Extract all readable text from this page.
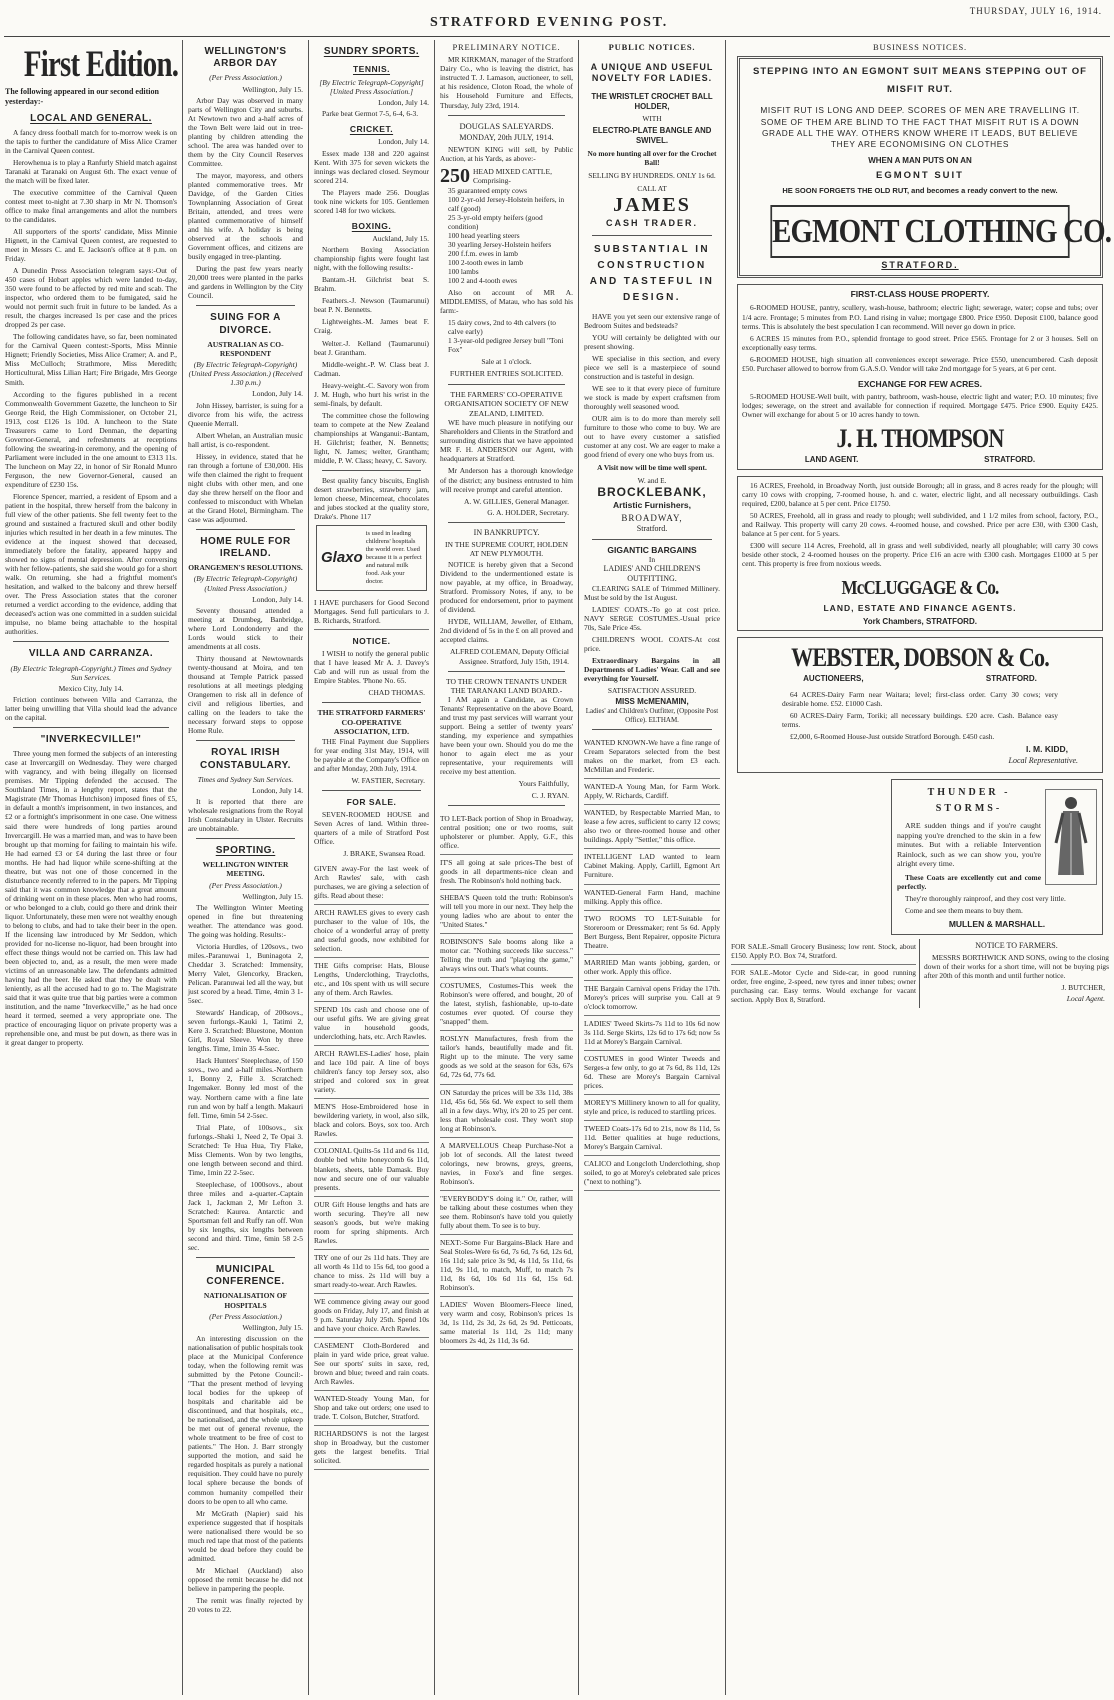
STRATFORD EVENING POST.
THURSDAY, JULY 16, 1914.
First Edition.
The following appeared in our second edition yesterday:-
LOCAL AND GENERAL.

A fancy dress football match for to-morrow week is on the tapis to further the candidature of Miss Alice Cramer in the Carnival Queen contest.

Herowhenua is to play a Ranfurly Shield match against Taranaki at Taranaki on August 6th. The exact venue of the match will be fixed later.

The executive committee of the Carnival Queen contest meet to-night at 7.30 sharp in Mr N. Thomson's office to make final arrangements and allot the numbers to the candidates.

All supporters of the sports' candidate, Miss Minnie Hignett, in the Carnival Queen contest, are requested to meet in Messrs C. and E. Jackson's office at 8 p.m. on Friday.

A Dunedin Press Association telegram says:-Out of 450 cases of Hobart apples which were landed to-day, 350 were found to be affected by red mite and scab. The inspector, who ordered them to be fumigated, said he would not permit such fruit in future to be landed. As a result, the charges increased 1s per case and the prices dropped 2s per case.

The following candidates have, so far, been nominated for the Carnival Queen contest:-Sports, Miss Minnie Hignett; Friendly Societies, Miss Alice Cramer; A. and P., Miss McCulloch; Strathmore, Miss Meredith; Horticultural, Miss Lilian Hart; Fire Brigade, Mrs George Smith.

According to the figures published in a recent Commonwealth Government Gazette, the luncheon to Sir George Reid, the High Commissioner, on October 21, 1913, cost £126 1s 10d. A luncheon to the State Treasurers came to Lord Denman, the departing Governor-General, and refreshments at receptions following the swearing-in ceremony, and the opening of Parliament were included in the one amount to £313 11s. The luncheon on May 22, in honor of Sir Ronald Munro Ferguson, the new Governor-General, caused an expenditure of £230 15s.

Florence Spencer, married, a resident of Epsom and a patient in the hospital, threw herself from the balcony in full view of the other patients. She fell twenty feet to the ground and sustained a fractured skull and other bodily injuries which resulted in her death in a few minutes. The evidence at the inquest showed that deceased, immediately before the fatality, appeared happy and showed no signs of mental depression. After conversing with her fellow-patients, she said she would go for a short walk. On returning, she had a frightful moment's hesitation, and walked to the balcony and threw herself over. The Press Association states that the coroner returned a verdict according to the evidence, adding that deceased's action was one committed in a sudden suicidal impulse, no blame being attachable to the hospital authorities.

VILLA AND CARRANZA.
(By Electric Telegraph-Copyright.) Times and Sydney Sun Services.
Mexico City, July 14.

Friction continues between Villa and Carranza, the latter being unwilling that Villa should lead the advance on the capital.

"INVERKECVILLE!"

Three young men formed the subjects of an interesting case at Invercargill on Wednesday. They were charged with vagrancy, and with being illegally on licensed premises. Mr Tipping defended the accused. The Southland Times, in a lengthy report, states that the Magistrate (Mr Thomas Hutchison) imposed fines of £5, in default a month's imprisonment, in two instances, and £2 or a fortnight's imprisonment in one case. One witness said there were hundreds of long parties around Invercargill. He was a married man, and was to have been brought up that morning for failing to maintain his wife. He had earned £3 or £4 during the last three or four months. He had had liquor while scene-shifting at the theatre, but was not one of those concerned in the disturbance recently referred to in the papers. Mr Tipping said that it was common knowledge that a great amount of drinking went on in these places. Men who had rooms, or who belonged to a club, could go there and drink their liquor. Unfortunately, these men were not wealthy enough to belong to clubs, and had to take their beer in the open. If the licensing law introduced by Mr Seddon, which provided for no-license no-liquor, had been brought into effect these things would not be carried on. This law had been objected to, and, as a result, the men were made victims of an unreasonable law. The defendants admitted having had the beer. He asked that they be dealt with leniently, as all the accused had to go to. The Magistrate said that it was quite true that big parties were a common institution, and the name "Inverkecville," as he had once heard it termed, seemed a very appropriate one. The practice of encouraging liquor on private property was a reprehensible one, and must be put down, as there was in it great danger to property.

WELLINGTON'S ARBOR DAY
(Per Press Association.)
Wellington, July 15.

Arbor Day was observed in many parts of Wellington City and suburbs. At Newtown two and a-half acres of the Town Belt were laid out in tree-planting by children attending the school. The area was handed over to them by the City Council Reserves Committee.

The mayor, mayoress, and others planted commemorative trees. Mr Davidge, of the Garden Cities Townplanning Association of Great Britain, attended, and trees were planted commemorative of himself and his wife. A holiday is being observed at the schools and Government offices, and citizens are busily engaged in tree-planting.

During the past few years nearly 20,000 trees were planted in the parks and gardens in Wellington by the City Council.

SUING FOR A DIVORCE.
AUSTRALIAN AS CO-RESPONDENT
(By Electric Telegraph-Copyright) (United Press Association.) (Received 1.30 p.m.)
London, July 14.

John Hissey, barrister, is suing for a divorce from his wife, the actress Queenie Merrall.

Albert Whelan, an Australian music hall artist, is co-respondent.

Hissey, in evidence, stated that he ran through a fortune of £30,000. His wife then claimed the right to frequent night clubs with other men, and one day she threw herself on the floor and confessed to misconduct with Whelan at the Grand Hotel, Birmingham. The case was adjourned.

HOME RULE FOR IRELAND.
ORANGEMEN'S RESOLUTIONS.
(By Electric Telegraph-Copyright) (United Press Association.)
London, July 14.

Seventy thousand attended a meeting at Drumbeg, Banbridge, where Lord Londonderry and the Lords would stick to their amendments at all costs.

Thirty thousand at Newtownards twenty-thousand at Moira, and ten thousand at Temple Patrick passed resolutions at all meetings pledging Orangemen to risk all in defence of civil and religious liberties, and calling on the leaders to take the necessary forward steps to oppose Home Rule.

ROYAL IRISH CONSTABULARY.
Times and Sydney Sun Services.
London, July 14.

It is reported that there are wholesale resignations from the Royal Irish Constabulary in Ulster. Recruits are unobtainable.

SPORTING.
WELLINGTON WINTER MEETING.
(Per Press Association.)
Wellington, July 15.

The Wellington Winter Meeting opened in fine but threatening weather. The attendance was good. The going was holding. Results:-

Victoria Hurdles, of 120sovs., two miles.-Paranuwai 1, Buninagota 2, Cheddar 3. Scratched: Immensity, Merry Valet, Glencorky, Bracken, Pelican. Paranuwai led all the way, but just scored by a head. Time, 4min 3 1-5sec.

Stewards' Handicap, of 200sovs., seven furlongs.-Kauki 1, Tatimi 2, Kere 3. Scratched: Bluestone, Monton Girl, Royal Sleeve. Won by three lengths. Time, 1min 35 4-5sec.

Hack Hunters' Steeplechase, of 150 sovs., two and a-half miles.-Northern 1, Bonny 2, Fille 3. Scratched: Ingemaker. Bonny led most of the way. Northern came with a fine late run and won by half a length. Makauri fell. Time, 6min 54 2-5sec.

Trial Plate, of 100sovs., six furlongs.-Shaki 1, Need 2, Te Opai 3. Scratched: Te Hua Hua, Try Flake, Miss Clements. Won by two lengths, one length between second and third. Time, 1min 22 2-5sec.

Steeplechase, of 1000sovs., about three miles and a-quarter.-Captain Jack 1, Jackman 2, Mr Lefton 3. Scratched: Kaurea. Antarctic and Sportsman fell and Ruffy ran off. Won by six lengths, six lengths between second and third. Time, 6min 58 2-5 sec.

MUNICIPAL CONFERENCE.
NATIONALISATION OF HOSPITALS
(Per Press Association.)
Wellington, July 15.

An interesting discussion on the nationalisation of public hospitals took place at the Municipal Conference today, when the following remit was submitted by the Petone Council:-"That the present method of levying local bodies for the upkeep of hospitals and charitable aid be discontinued, and that hospitals, etc., be nationalised, and the whole upkeep be met out of general revenue, the whole treatment to be free of cost to patients." The Hon. J. Barr strongly supported the motion, and said he regarded hospitals as purely a national requisition. They could have no purely local sphere because the bonds of common humanity compelled their doors to be open to all who came.

Mr McGrath (Napier) said his experience suggested that if hospitals were nationalised there would be so much red tape that most of the patients would be dead before they could be admitted.

Mr Michael (Auckland) also opposed the remit because he did not believe in pampering the people.

The remit was finally rejected by 20 votes to 22.

SUNDRY SPORTS.
TENNIS.
[By Electric Telegraph-Copyright] [United Press Association.]
London, July 14.

Parke beat Germot 7-5, 6-4, 6-3.

CRICKET.
London, July 14.

Essex made 138 and 220 against Kent. With 375 for seven wickets the innings was declared closed. Seymour scored 214.

The Players made 256. Douglas took nine wickets for 105. Gentlemen scored 148 for two wickets.

BOXING.
Auckland, July 15.

Northern Boxing Association championship fights were fought last night, with the following results:-

Bantam.-H. Gilchrist beat S. Brahm.

Feathers.-J. Newson (Taumarunui) beat P. N. Bennetts.

Lightweights.-M. James beat F. Craig.

Welter.-J. Kelland (Taumarunui) beat J. Grantham.

Middle-weight.-P. W. Class beat J. Cadman.

Heavy-weight.-C. Savory won from J. M. Hugh, who hurt his wrist in the semi-finals, by default.

The committee chose the following team to compete at the New Zealand championships at Wanganui:-Bantam, H. Gilchrist; feather, N. Bennetts; light, N. James; welter, Grantham; middle, P. W. Class; heavy, C. Savory.

Best quality fancy biscuits, English desert strawberries, strawberry jam, lemon cheese, Mincemeat, chocolates and jubes stocked at the quality store, Drake's. Phone 117

Glaxo
is used in leading childrens' hospitals the world over. Used because it is a perfect and natural milk food. Ask your doctor.

I HAVE purchasers for Good Second Mortgages. Send full particulars to J. B. Richards, Stratford.

NOTICE.

I WISH to notify the general public that I have leased Mr A. J. Davey's Cab and will run as usual from the Empire Stables. 'Phone No. 65.

CHAD THOMAS.
THE STRATFORD FARMERS' CO-OPERATIVE ASSOCIATION, LTD.

THE Final Payment due Suppliers for year ending 31st May, 1914, will be payable at the Company's Office on and after Monday, 20th July, 1914.

W. FASTIER, Secretary.
FOR SALE.

SEVEN-ROOMED HOUSE and Seven Acres of land. Within three-quarters of a mile of Stratford Post Office.

J. BRAKE, Swansea Road.

GIVEN away-For the last week of Arch Rawles' sale, with cash purchases, we are giving a selection of gifts. Read about these:

ARCH RAWLES gives to every cash purchaser to the value of 10s, the choice of a wonderful array of pretty and useful goods, now exhibited for selection.

THE Gifts comprise: Hats, Blouse Lengths, Underclothing, Traycloths, etc., and 10s spent with us will secure any of them. Arch Rawles.

SPEND 10s cash and choose one of our useful gifts. We are giving great value in household goods, underclothing, hats, etc. Arch Rawles.

ARCH RAWLES-Ladies' hose, plain and lace 10d pair. A line of boys children's fancy top Jersey sox, also striped and colored sox in great variety.

MEN'S Hose-Embroidered hose in bewildering variety, in wool, also silk, black and colors. Boys, sox too. Arch Rawles.

COLONIAL Quilts-5s 11d and 6s 11d, double bed white honeycomb 6s 11d, blankets, sheets, table Damask. Buy now and secure one of our valuable presents.

OUR Gift House lengths and hats are worth securing. They're all new season's goods, but we're making room for spring shipments. Arch Rawles.

TRY one of our 2s 11d hats. They are all worth 4s 11d to 15s 6d, too good a chance to miss. 2s 11d will buy a smart ready-to-wear. Arch Rawles.

WE commence giving away our good goods on Friday, July 17, and finish at 9 p.m. Saturday July 25th. Spend 10s and have your choice. Arch Rawles.

CASEMENT Cloth-Bordered and plain in yard wide price, great value. See our sports' suits in saxe, red, brown and blue; tweed and rain coats. Arch Rawles.

WANTED-Steady Young Man, for Shop and take out orders; one used to trade. T. Colson, Butcher, Stratford.

RICHARDSON'S is not the largest shop in Broadway, but the customer gets the largest benefits. Trial solicited.

PRELIMINARY NOTICE.

MR KIRKMAN, manager of the Stratford Dairy Co., who is leaving the district, has instructed T. J. Lamason, auctioneer, to sell, at his residence, Cloton Road, the whole of his Household Furniture and Effects, Thursday, July 23rd, 1914.

DOUGLAS SALEYARDS.
MONDAY, 20th JULY, 1914.

NEWTON KING will sell, by Public Auction, at his Yards, as above:-

250 HEAD MIXED CATTLE, Comprising-
35 guaranteed empty cows
100 2-yr-old Jersey-Holstein heifers, in calf (good)
25 3-yr-old empty heifers (good condition)
100 head yearling steers
30 yearling Jersey-Holstein heifers
200 f.f.m. ewes in lamb
100 2-tooth ewes in lamb
100 lambs
100 2 and 4-tooth ewes

Also on account of MR A. MIDDLEMISS, of Matau, who has sold his farm:-

15 dairy cows, 2nd to 4th calvers (to calve early)
1 3-year-old pedigree Jersey bull "Toni Fox"
Sale at 1 o'clock.
FURTHER ENTRIES SOLICITED.
THE FARMERS' CO-OPERATIVE ORGANISATION SOCIETY OF NEW ZEALAND, LIMITED.

WE have much pleasure in notifying our Shareholders and Clients in the Stratford and surrounding districts that we have appointed MR F. H. ANDERSON our Agent, with headquarters at Stratford.

Mr Anderson has a thorough knowledge of the district; any business entrusted to him will receive prompt and careful attention.

A. W. GILLIES, General Manager.
G. A. HOLDER, Secretary.
IN BANKRUPTCY.
IN THE SUPREME COURT, HOLDEN AT NEW PLYMOUTH.

NOTICE is hereby given that a Second Dividend to the undermentioned estate is now payable, at my office, in Broadway, Stratford. Promissory Notes, if any, to be produced for endorsement, prior to payment of dividend.

HYDE, WILLIAM, Jeweller, of Eltham, 2nd dividend of 5s in the £ on all proved and accepted claims.

ALFRED COLEMAN, Deputy Official Assignee. Stratford, July 15th, 1914.
TO THE CROWN TENANTS UNDER THE TARANAKI LAND BOARD.-

I AM again a Candidate, as Crown Tenants' Representative on the above Board, and trust my past services will warrant your support. Being a settler of twenty years' standing, my experience and sympathies have been your own. Should you do me the honor to again elect me as your representative, your requirements will receive my best attention.

Yours Faithfully,
C. J. RYAN.

TO LET-Back portion of Shop in Broadway, central position; one or two rooms, suit upholsterer or plumber. Apply, G.F., this office.

IT'S all going at sale prices-The best of goods in all departments-nice clean and fresh. The Robinson's hold nothing back.

SHEBA'S Queen told the truth: Robinson's will tell you more in our next. They help the young ladies who are about to enter the "United States."

ROBINSON'S Sale booms along like a motor car. "Nothing succeeds like success." Telling the truth and "playing the game," always wins out. That's what counts.

COSTUMES, Costumes-This week the Robinson's were offered, and bought, 20 of the latest, stylish, fashionable, up-to-date costumes ever quoted. Of course they "snapped" them.

ROSLYN Manufactures, fresh from the tailor's hands, beautifully made and fit. Right up to the minute. The very same goods as we sold at the season for 63s, 67s 6d, 72s 6d, 77s 6d.

ON Saturday the prices will be 33s 11d, 38s 11d, 45s 6d, 56s 6d. We expect to sell them all in a few days. Why, it's 20 to 25 per cent. less than wholesale cost. They won't stop long at Robinson's.

A MARVELLOUS Cheap Purchase-Not a job lot of seconds. All the latest tweed colorings, new browns, greys, greens, navies, in Foxe's and fine serges. Robinson's.

"EVERYBODY'S doing it." Or, rather, will be talking about these costumes when they see them. Robinson's have told you quietly fully about them. To see is to buy.

NEXT:-Some Fur Bargains-Black Hare and Seal Stoles-Were 6s 6d, 7s 6d, 7s 6d, 12s 6d, 16s 11d; sale price 3s 9d, 4s 11d, 5s 11d, 6s 11d, 9s 11d, to match, Muff, to match 7s 11d, 8s 6d, 10s 6d 11s 6d, 15s 6d. Robinson's.

LADIES' Woven Bloomers-Fleece lined, very warm and cosy, Robinson's prices 1s 3d, 1s 11d, 2s 3d, 2s 6d, 2s 9d. Petticoats, same material 1s 11d, 2s 11d; many bloomers 2s 4d, 2s 11d, 3s 6d.

PUBLIC NOTICES.
A UNIQUE AND USEFUL NOVELTY FOR LADIES.
THE WRISTLET CROCHET BALL HOLDER,
WITH
ELECTRO-PLATE BANGLE AND SWIVEL.
No more hunting all over for the Crochet Ball!
SELLING BY HUNDREDS. ONLY 1s 6d.
CALL AT
JAMES
CASH TRADER.
SUBSTANTIAL IN CONSTRUCTION AND TASTEFUL IN DESIGN.

HAVE you yet seen our extensive range of Bedroom Suites and bedsteads?

YOU will certainly be delighted with our present showing.

WE specialise in this section, and every piece we sell is a masterpiece of sound construction and is tasteful in design.

WE see to it that every piece of furniture we stock is made by expert craftsmen from thoroughly well seasoned wood.

OUR aim is to do more than merely sell furniture to those who come to buy. We are out to have every customer a satisfied customer at any cost. We are eager to make a good friend of every one who buys from us.

A Visit now will be time well spent.
W. and E.
BROCKLEBANK,
Artistic Furnishers,
BROADWAY,
Stratford.
GIGANTIC BARGAINS
In
LADIES' AND CHILDREN'S OUTFITTING.

CLEARING SALE of Trimmed Millinery. Must be sold by the 1st August.

LADIES' COATS.-To go at cost price. NAVY SERGE COSTUMES.-Usual price 70s, Sale Price 45s.

CHILDREN'S WOOL COATS-At cost price.

Extraordinary Bargains in all Departments of Ladies' Wear. Call and see everything for Yourself.

SATISFACTION ASSURED.
MISS McMENAMIN,
Ladies' and Children's Outfitter, (Opposite Post Office). ELTHAM.

WANTED KNOWN-We have a fine range of Cream Separators selected from the best makes on the market, from £3 each. McMillan and Frederic.

WANTED-A Young Man, for Farm Work. Apply, W. Richards, Cardiff.

WANTED, by Respectable Married Man, to lease a few acres, sufficient to carry 12 cows; also two or three-roomed house and other buildings. Apply "Settler," this office.

INTELLIGENT LAD wanted to learn Cabinet Making. Apply, Carlill, Egmont Art Furniture.

WANTED-General Farm Hand, machine milking. Apply this office.

TWO ROOMS TO LET-Suitable for Storeroom or Dressmaker; rent 5s 6d. Apply Bert Burgess, Bent Repairer, opposite Pictura Theatre.

MARRIED Man wants jobbing, garden, or other work. Apply this office.

THE Bargain Carnival opens Friday the 17th. Morey's prices will surprise you. Call at 9 o'clock tomorrow.

LADIES' Tweed Skirts-7s 11d to 10s 6d now 3s 11d. Serge Skirts, 12s 6d to 17s 6d; now 5s 11d at Morey's Bargain Carnival.

COSTUMES in good Winter Tweeds and Serges-a few only, to go at 7s 6d, 8s 11d, 12s 6d. These are Morey's Bargain Carnival prices.

MOREY'S Millinery known to all for quality, style and price, is reduced to startling prices.

TWEED Coats-17s 6d to 21s, now 8s 11d, 5s 11d. Better qualities at huge reductions, Morey's Bargain Carnival.

CALICO and Longcloth Underclothing, shop soiled, to go at Morey's celebrated sale prices ("next to nothing").

BUSINESS NOTICES.
STEPPING INTO AN EGMONT SUIT MEANS STEPPING OUT OF MISFIT RUT.
MISFIT RUT IS LONG AND DEEP. SCORES OF MEN ARE TRAVELLING IT. SOME OF THEM ARE BLIND TO THE FACT THAT MISFIT RUT IS A DOWN GRADE ALL THE WAY. OTHERS KNOW WHERE IT LEADS, BUT BELIEVE THEY ARE ECONOMISING ON CLOTHES
WHEN A MAN PUTS ON AN
EGMONT SUIT
HE SOON FORGETS THE OLD RUT, and becomes a ready convert to the new.
EGMONT CLOTHING CO.
STRATFORD.
FIRST-CLASS HOUSE PROPERTY.

6-ROOMED HOUSE, pantry, scullery, wash-house, bathroom; electric light; sewerage, water; copse and tubs; over 1/4 acre. Frontage; 5 minutes from P.O. Land rising in value; mortgage £800. Price £950. Deposit £100, balance good terms. This is absolutely the best speculation I can recommend. Will never go down in price.

6 ACRES 15 minutes from P.O., splendid frontage to good street. Price £565. Frontage for 2 or 3 houses. Sell on exceptionally easy terms.

6-ROOMED HOUSE, high situation all conveniences except sewerage. Price £550, unencumbered. Cash deposit £50. Purchaser allowed to borrow from G.A.S.O. Vendor will take 2nd mortgage for 5 years, at 6 per cent.

EXCHANGE FOR FEW ACRES.

5-ROOMED HOUSE-Well built, with pantry, bathroom, wash-house, electric light and water; P.O. 10 minutes; five lodges; sewerage, on the street and available for connection if required. Mortgage £475. Price £900. Equity £425. Owner will exchange for about 5 or 10 acres handy to town.

J. H. THOMPSON
LAND AGENT.	STRATFORD.

16 ACRES, Freehold, in Broadway North, just outside Borough; all in grass, and 8 acres ready for the plough; will carry 10 cows with cropping, 7-roomed house, h. and c. water, electric light, and all necessary outbuildings. Cash required, £200, balance at 5 per cent. Price £1750.

50 ACRES, Freehold, all in grass and ready to plough; well subdivided, and 1 1/2 miles from school, factory, P.O., and Railway. This property will carry 20 cows. 4-roomed house, and cowshed. Price per acre £30, with £300 Cash, balance at 5 per cent. for 5 years.

£300 will secure 114 Acres, Freehold, all in grass and well subdivided, nearly all ploughable; will carry 30 cows beside other stock, 2 4-roomed houses on the property. Price £16 an acre with £300 cash. Mortgages £1000 at 5 per cent. This property is free from noxious weeds.

McCLUGGAGE & Co.
LAND, ESTATE AND FINANCE AGENTS.
York Chambers, STRATFORD.
WEBSTER, DOBSON & Co.
AUCTIONEERS,	STRATFORD.

64 ACRES-Dairy Farm near Waitara; level; first-class order. Carry 30 cows; very desirable home. £52. £1000 Cash.

60 ACRES-Dairy Farm, Toriki; all necessary buildings. £20 acre. Cash. Balance easy terms.

£2,000, 6-Roomed House-Just outside Stratford Borough. £450 cash.

I. M. KIDD,
Local Representative.
THUNDER -STORMS-

ARE sudden things and if you're caught napping you're drenched to the skin in a few minutes. But with a reliable Intervention Rainlock, such as we can show you, you're alright every time.

These Coats are excellently cut and come perfectly.

They're thoroughly rainproof, and they cost very little.

Come and see them means to buy them.

MULLEN & MARSHALL.

FOR SALE.-Small Grocery Business; low rent. Stock, about £150. Apply P.O. Box 74, Stratford.

FOR SALE.-Motor Cycle and Side-car, in good running order, free engine, 2-speed, new tyres and inner tubes; owner purchasing car. Easy terms. Would exchange for vacant section. Apply Box 8, Stratford.

NOTICE TO FARMERS.

MESSRS BORTHWICK AND SONS, owing to the closing down of their works for a short time, will not be buying pigs after 20th of this month and until further notice.

J. BUTCHER,
Local Agent.
